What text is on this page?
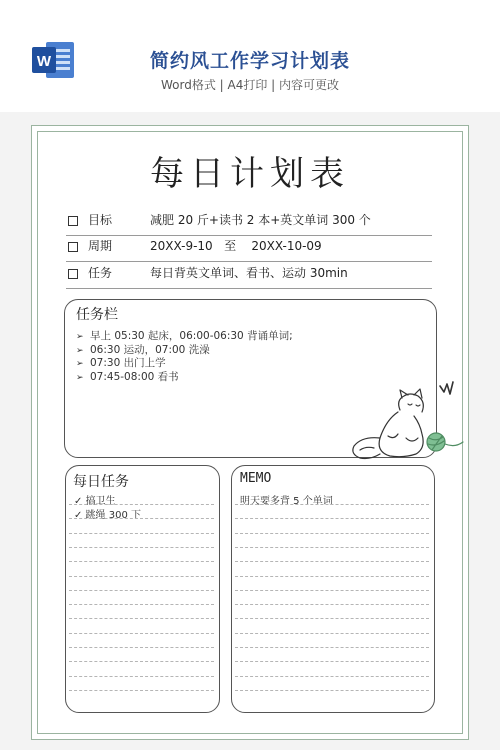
W	简约风工作学习计划表
Word格式 | A4打印 | 内容可更改
每日计划表
目标	减肥 20 斤+读书 2 本+英文单词 300 个
周期	20XX-9-10   至    20XX-10-09
任务	每日背英文单词、看书、运动 30min
任务栏
➢ 早上 05:30 起床，06:00-06:30 背诵单词;
➢ 06:30 运动，07:00 洗澡
➢ 07:30 出门上学
➢ 07:45-08:00 看书
每日任务
✓ 搞卫生
✓ 跳绳 300 下
MEMO
明天要多背 5 个单词
